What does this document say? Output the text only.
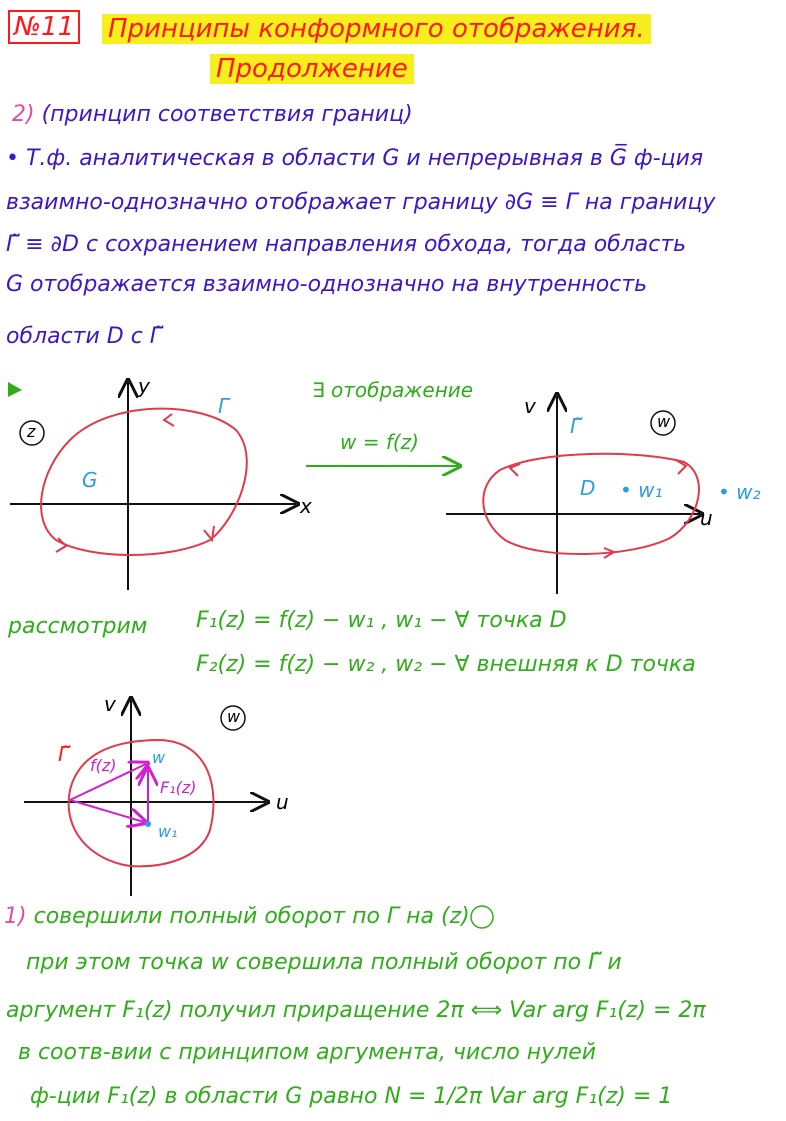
№11 Принципы конформного отображения.
Продолжение
2) (принцип соответствия границ)
• Т.ф. аналитическая в области G и непрерывная в G̅ ф-ция
взаимно-однозначно отображает границу ∂G ≡ Γ на границу
Γ̃ ≡ ∂D с сохранением направления обхода, тогда область
G отображается взаимно-однозначно на внутренность
области D с Γ̃
z
y
x
G
Γ
∃ отображение
w = f(z)
v
u
w
Γ̃
D • w₁	• w₂
рассмотрим F₁(z) = f(z) − w₁ , w₁ − ∀ точка D
F₂(z) = f(z) − w₂ , w₂ − ∀ внешняя к D точка
v
u
w
Γ̃ f(z) w
F₁(z)
w₁
1) совершили полный оборот по Γ на (z)
при этом точка w совершила полный оборот по Γ̃ и
аргумент F₁(z) получил приращение 2π ⟺ Var arg F₁(z) = 2π
в соотв-вии с принципом аргумента, число нулей
ф-ции F₁(z) в области G равно N = 1/2π Var arg F₁(z) = 1
